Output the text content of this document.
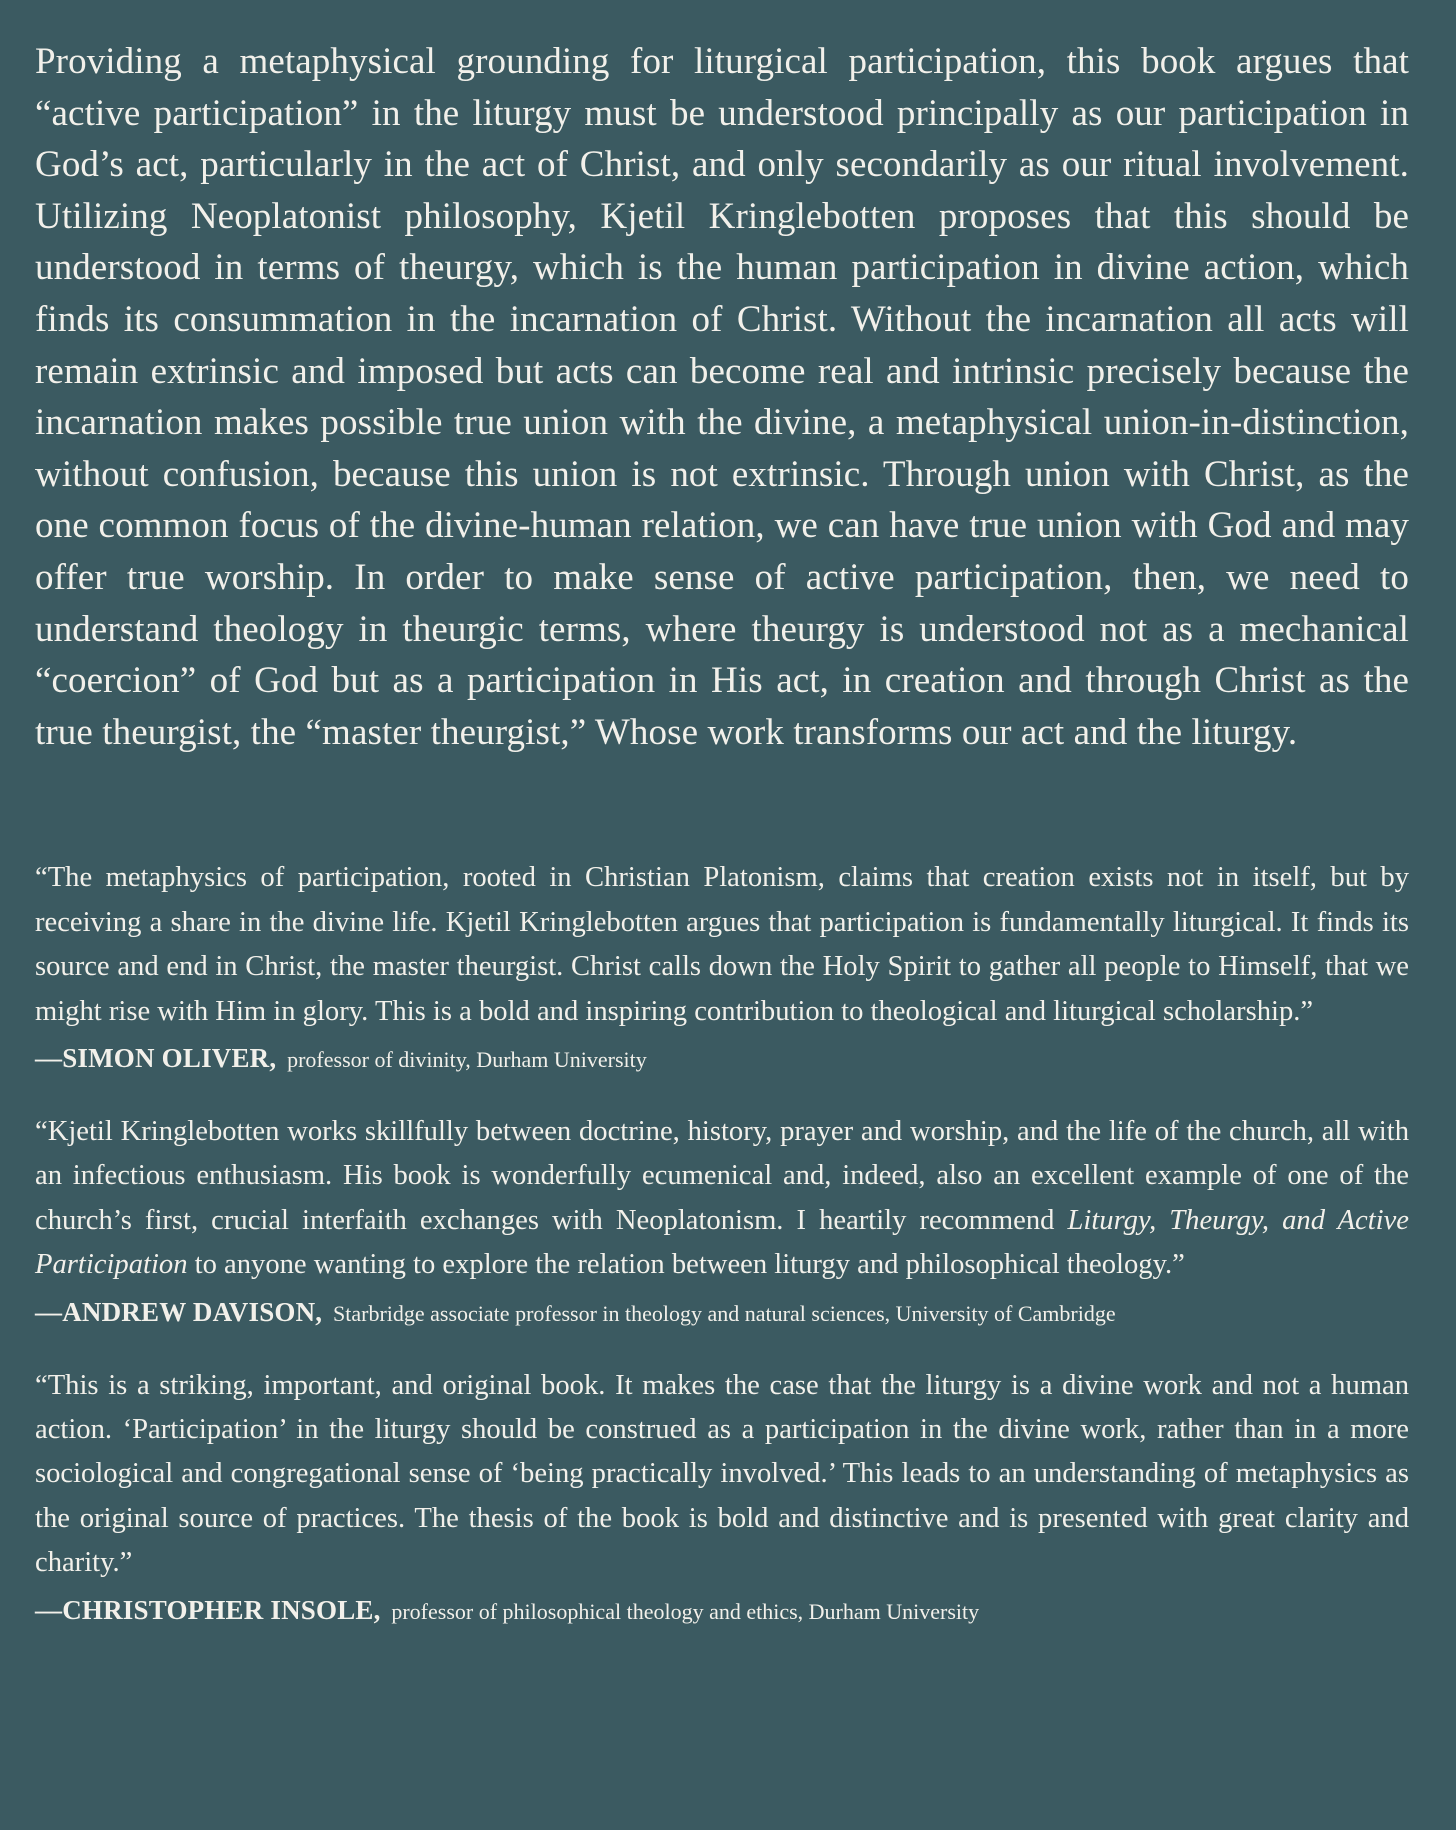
Providing a metaphysical grounding for liturgical participation, this book argues that “active participation” in the liturgy must be understood principally as our participation in God’s act, particularly in the act of Christ, and only secondarily as our ritual involvement. Utilizing Neoplatonist philosophy, Kjetil Kringlebotten proposes that this should be understood in terms of theurgy, which is the human participation in divine action, which finds its consummation in the incarnation of Christ. Without the incarnation all acts will remain extrinsic and imposed but acts can become real and intrinsic precisely because the incarnation makes possible true union with the divine, a metaphysical union-in-distinction, without confusion, because this union is not extrinsic. Through union with Christ, as the one common focus of the divine-human relation, we can have true union with God and may offer true worship. In order to make sense of active participation, then, we need to understand theology in theurgic terms, where theurgy is understood not as a mechanical “coercion” of God but as a participation in His act, in creation and through Christ as the true theurgist, the “master theurgist,” Whose work transforms our act and the liturgy.

“The metaphysics of participation, rooted in Christian Platonism, claims that creation exists not in itself, but by receiving a share in the divine life. Kjetil Kringlebotten argues that participation is fundamentally liturgical. It finds its source and end in Christ, the master theurgist. Christ calls down the Holy Spirit to gather all people to Himself, that we might rise with Him in glory. This is a bold and inspiring contribution to theological and liturgical scholarship.”

—SIMON OLIVER, professor of divinity, Durham University

“Kjetil Kringlebotten works skillfully between doctrine, history, prayer and worship, and the life of the church, all with an infectious enthusiasm. His book is wonderfully ecumenical and, indeed, also an excellent example of one of the church’s first, crucial interfaith exchanges with Neoplatonism. I heartily recommend Liturgy, Theurgy, and Active Participation to anyone wanting to explore the relation between liturgy and philosophical theology.”

—ANDREW DAVISON, Starbridge associate professor in theology and natural sciences, University of Cambridge

“This is a striking, important, and original book. It makes the case that the liturgy is a divine work and not a human action. ‘Participation’ in the liturgy should be construed as a participation in the divine work, rather than in a more sociological and congregational sense of ‘being practically involved.’ This leads to an understanding of metaphysics as the original source of practices. The thesis of the book is bold and distinctive and is presented with great clarity and charity.”

—CHRISTOPHER INSOLE, professor of philosophical theology and ethics, Durham University
